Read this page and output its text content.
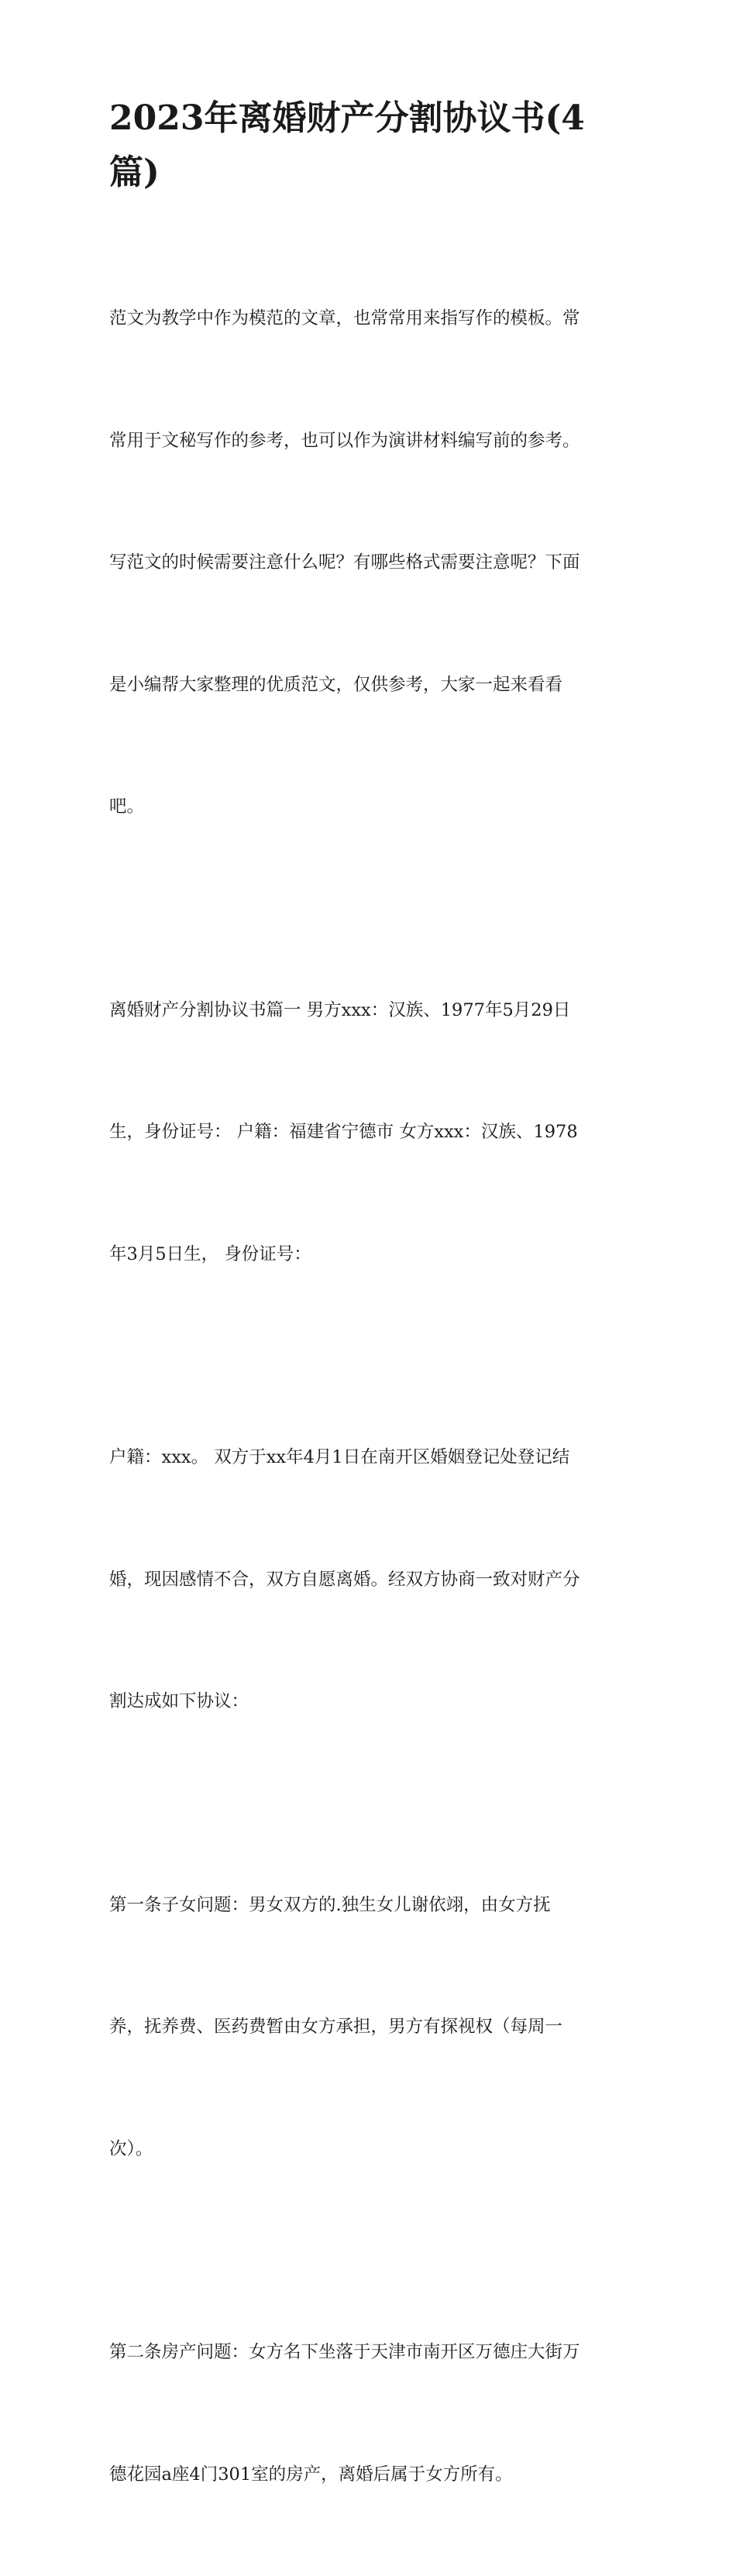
2023年离婚财产分割协议书(4
篇)

范文为教学中作为模范的文章，也常常用来指写作的模板。常

常用于文秘写作的参考，也可以作为演讲材料编写前的参考。

写范文的时候需要注意什么呢？有哪些格式需要注意呢？下面

是小编帮大家整理的优质范文，仅供参考，大家一起来看看

吧。

离婚财产分割协议书篇一 男方xxx：汉族、1977年5月29日

生，身份证号： 户籍：福建省宁德市 女方xxx：汉族、1978

年3月5日生， 身份证号：

户籍：xxx。 双方于xx年4月1日在南开区婚姻登记处登记结

婚，现因感情不合，双方自愿离婚。经双方协商一致对财产分

割达成如下协议：

第一条子女问题：男女双方的.独生女儿谢依翊，由女方抚

养，抚养费、医药费暂由女方承担，男方有探视权（每周一

次）。

第二条房产问题：女方名下坐落于天津市南开区万德庄大街万

德花园a座4门301室的房产，离婚后属于女方所有。
